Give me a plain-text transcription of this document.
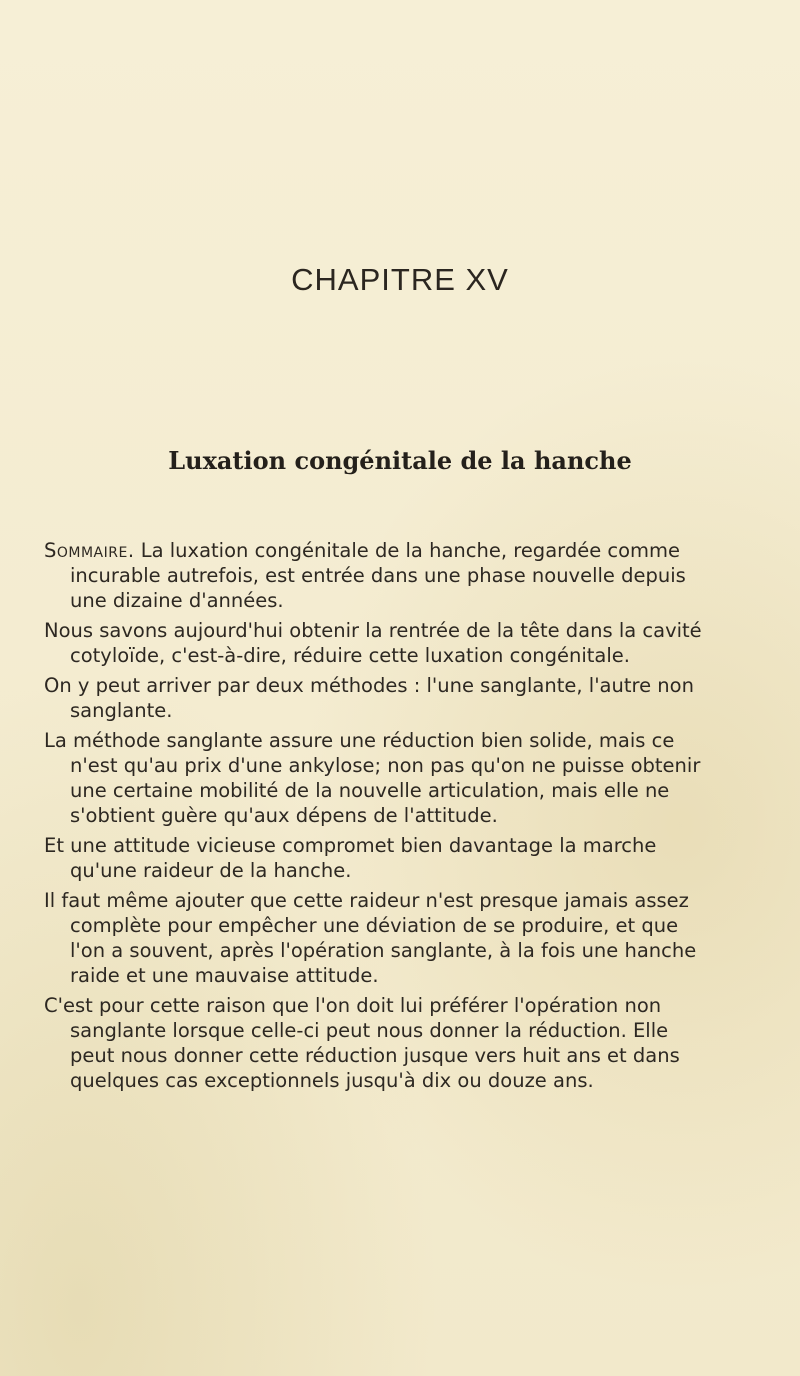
CHAPITRE XV
Luxation congénitale de la hanche

Sommaire. La luxation congénitale de la hanche, regardée comme incurable autrefois, est entrée dans une phase nouvelle depuis une dizaine d'années.

Nous savons aujourd'hui obtenir la rentrée de la tête dans la cavité cotyloïde, c'est-à-dire, réduire cette luxation congénitale.

On y peut arriver par deux méthodes : l'une sanglante, l'autre non sanglante.

La méthode sanglante assure une réduction bien solide, mais ce n'est qu'au prix d'une ankylose; non pas qu'on ne puisse obtenir une certaine mobilité de la nouvelle articulation, mais elle ne s'obtient guère qu'aux dépens de l'attitude.

Et une attitude vicieuse compromet bien davantage la marche qu'une raideur de la hanche.

Il faut même ajouter que cette raideur n'est presque jamais assez complète pour empêcher une déviation de se produire, et que l'on a souvent, après l'opération sanglante, à la fois une hanche raide et une mauvaise attitude.

C'est pour cette raison que l'on doit lui préférer l'opération non sanglante lorsque celle-ci peut nous donner la réduction. Elle peut nous donner cette réduction jusque vers huit ans et dans quelques cas exceptionnels jusqu'à dix ou douze ans.
